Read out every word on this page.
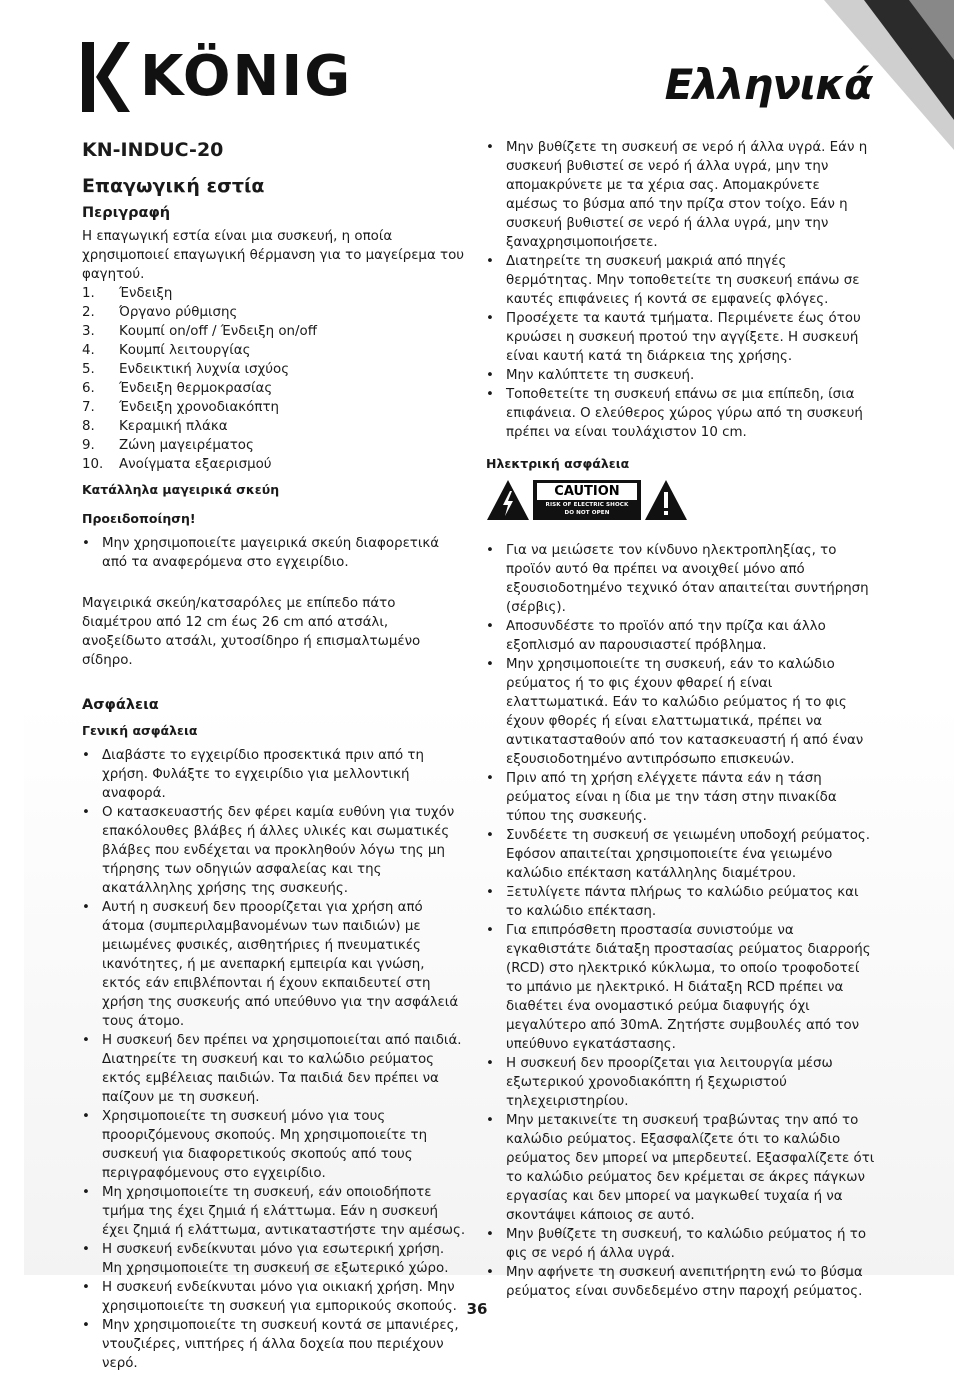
KÖNIG	Ελληνικά
KN-INDUC-20
Επαγωγική εστία
Περιγραφή

Η επαγωγική εστία είναι μια συσκευή, η οποία χρησιμοποιεί επαγωγική θέρμανση για το μαγείρεμα του φαγητού.

1.	Ένδειξη
2.	Όργανο ρύθμισης
3.	Κουμπί on/off / Ένδειξη on/off
4.	Κουμπί λειτουργίας
5.	Ενδεικτική λυχνία ισχύος
6.	Ένδειξη θερμοκρασίας
7.	Ένδειξη χρονοδιακόπτη
8.	Κεραμική πλάκα
9.	Ζώνη μαγειρέματος
10.	Ανοίγματα εξαερισμού
Κατάλληλα μαγειρικά σκεύη
Προειδοποίηση!
• Μην χρησιμοποιείτε μαγειρικά σκεύη διαφορετικά από τα αναφερόμενα στο εγχειρίδιο.

Μαγειρικά σκεύη/κατσαρόλες με επίπεδο πάτο διαμέτρου από 12 cm έως 26 cm από ατσάλι, ανοξείδωτο ατσάλι, χυτοσίδηρο ή επισμαλτωμένο σίδηρο.

Ασφάλεια
Γενική ασφάλεια
• Διαβάστε το εγχειρίδιο προσεκτικά πριν από τη χρήση. Φυλάξτε το εγχειρίδιο για μελλοντική αναφορά.
• Ο κατασκευαστής δεν φέρει καμία ευθύνη για τυχόν επακόλουθες βλάβες ή άλλες υλικές και σωματικές βλάβες που ενδέχεται να προκληθούν λόγω της μη τήρησης των οδηγιών ασφαλείας και της ακατάλληλης χρήσης της συσκευής.
• Αυτή η συσκευή δεν προορίζεται για χρήση από άτομα (συμπεριλαμβανομένων των παιδιών) με μειωμένες φυσικές, αισθητήριες ή πνευματικές ικανότητες, ή με ανεπαρκή εμπειρία και γνώση, εκτός εάν επιβλέπονται ή έχουν εκπαιδευτεί στη χρήση της συσκευής από υπεύθυνο για την ασφάλειά τους άτομο.
• Η συσκευή δεν πρέπει να χρησιμοποιείται από παιδιά. Διατηρείτε τη συσκευή και το καλώδιο ρεύματος εκτός εμβέλειας παιδιών. Τα παιδιά δεν πρέπει να παίζουν με τη συσκευή.
• Χρησιμοποιείτε τη συσκευή μόνο για τους προοριζόμενους σκοπούς. Μη χρησιμοποιείτε τη συσκευή για διαφορετικούς σκοπούς από τους περιγραφόμενους στο εγχειρίδιο.
• Μη χρησιμοποιείτε τη συσκευή, εάν οποιοδήποτε τμήμα της έχει ζημιά ή ελάττωμα. Εάν η συσκευή έχει ζημιά ή ελάττωμα, αντικαταστήστε την αμέσως.
• Η συσκευή ενδείκνυται μόνο για εσωτερική χρήση. Μη χρησιμοποιείτε τη συσκευή σε εξωτερικό χώρο.
• Η συσκευή ενδείκνυται μόνο για οικιακή χρήση. Μην χρησιμοποιείτε τη συσκευή για εμπορικούς σκοπούς.
• Μην χρησιμοποιείτε τη συσκευή κοντά σε μπανιέρες, ντουζιέρες, νιπτήρες ή άλλα δοχεία που περιέχουν νερό.
• Μην βυθίζετε τη συσκευή σε νερό ή άλλα υγρά. Εάν η συσκευή βυθιστεί σε νερό ή άλλα υγρά, μην την απομακρύνετε με τα χέρια σας. Απομακρύνετε αμέσως το βύσμα από την πρίζα στον τοίχο. Εάν η συσκευή βυθιστεί σε νερό ή άλλα υγρά, μην την ξαναχρησιμοποιήσετε.
• Διατηρείτε τη συσκευή μακριά από πηγές θερμότητας. Μην τοποθετείτε τη συσκευή επάνω σε καυτές επιφάνειες ή κοντά σε εμφανείς φλόγες.
• Προσέχετε τα καυτά τμήματα. Περιμένετε έως ότου κρυώσει η συσκευή προτού την αγγίξετε. Η συσκευή είναι καυτή κατά τη διάρκεια της χρήσης.
• Μην καλύπτετε τη συσκευή.
• Τοποθετείτε τη συσκευή επάνω σε μια επίπεδη, ίσια επιφάνεια. Ο ελεύθερος χώρος γύρω από τη συσκευή πρέπει να είναι τουλάχιστον 10 cm.
Ηλεκτρική ασφάλεια
CAUTION
RISK OF ELECTRIC SHOCK
DO NOT OPEN
• Για να μειώσετε τον κίνδυνο ηλεκτροπληξίας, το προϊόν αυτό θα πρέπει να ανοιχθεί μόνο από εξουσιοδοτημένο τεχνικό όταν απαιτείται συντήρηση (σέρβις).
• Αποσυνδέστε το προϊόν από την πρίζα και άλλο εξοπλισμό αν παρουσιαστεί πρόβλημα.
• Μην χρησιμοποιείτε τη συσκευή, εάν το καλώδιο ρεύματος ή το φις έχουν φθαρεί ή είναι ελαττωματικά. Εάν το καλώδιο ρεύματος ή το φις έχουν φθορές ή είναι ελαττωματικά, πρέπει να αντικατασταθούν από τον κατασκευαστή ή από έναν εξουσιοδοτημένο αντιπρόσωπο επισκευών.
• Πριν από τη χρήση ελέγχετε πάντα εάν η τάση ρεύματος είναι η ίδια με την τάση στην πινακίδα τύπου της συσκευής.
• Συνδέετε τη συσκευή σε γειωμένη υποδοχή ρεύματος. Εφόσον απαιτείται χρησιμοποιείτε ένα γειωμένο καλώδιο επέκταση κατάλληλης διαμέτρου.
• Ξετυλίγετε πάντα πλήρως το καλώδιο ρεύματος και το καλώδιο επέκταση.
• Για επιπρόσθετη προστασία συνιστούμε να εγκαθιστάτε διάταξη προστασίας ρεύματος διαρροής (RCD) στο ηλεκτρικό κύκλωμα, το οποίο τροφοδοτεί το μπάνιο με ηλεκτρικό. Η διάταξη RCD πρέπει να διαθέτει ένα ονομαστικό ρεύμα διαφυγής όχι μεγαλύτερο από 30mA. Ζητήστε συμβουλές από τον υπεύθυνο εγκατάστασης.
• Η συσκευή δεν προορίζεται για λειτουργία μέσω εξωτερικού χρονοδιακόπτη ή ξεχωριστού τηλεχειριστηρίου.
• Μην μετακινείτε τη συσκευή τραβώντας την από το καλώδιο ρεύματος. Εξασφαλίζετε ότι το καλώδιο ρεύματος δεν μπορεί να μπερδευτεί. Εξασφαλίζετε ότι το καλώδιο ρεύματος δεν κρέμεται σε άκρες πάγκων εργασίας και δεν μπορεί να μαγκωθεί τυχαία ή να σκοντάψει κάποιος σε αυτό.
• Μην βυθίζετε τη συσκευή, το καλώδιο ρεύματος ή το φις σε νερό ή άλλα υγρά.
• Μην αφήνετε τη συσκευή ανεπιτήρητη ενώ το βύσμα ρεύματος είναι συνδεδεμένο στην παροχή ρεύματος.
36
